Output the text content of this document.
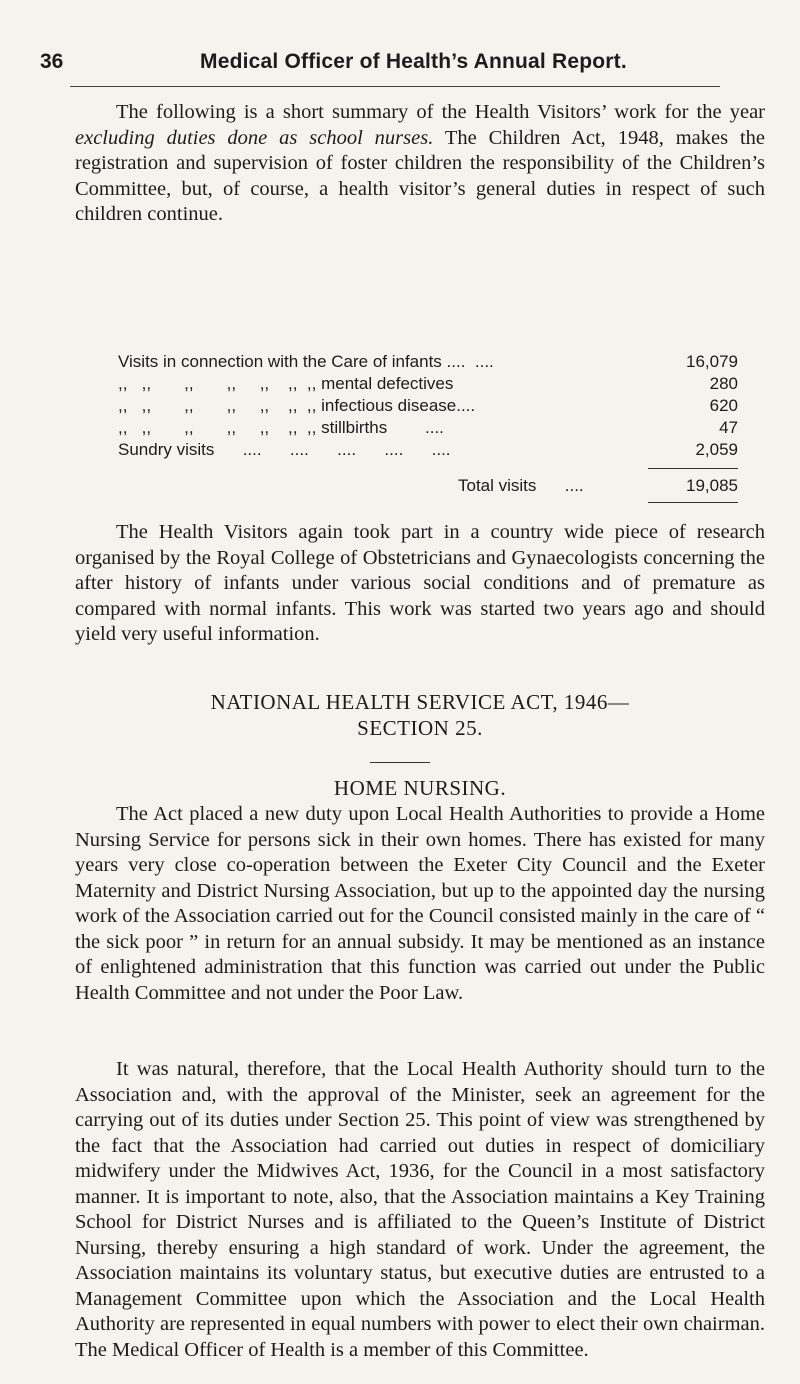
36	Medical Officer of Health’s Annual Report.

The following is a short summary of the Health Visitors’ work for the year excluding duties done as school nurses. The Children Act, 1948, makes the registration and supervision of foster children the responsibility of the Children’s Committee, but, of course, a health visitor’s general duties in respect of such children continue.

Visits in connection with the Care of infants ....  ....	16,079
,,   ,,       ,,       ,,     ,,    ,,  ,, mental defectives	280
,,   ,,       ,,       ,,     ,,    ,,  ,, infectious disease....	620
,,   ,,       ,,       ,,     ,,    ,,  ,, stillbirths        ....	47
Sundry visits      ....      ....      ....      ....      ....	2,059
Total visits      ....	19,085

The Health Visitors again took part in a country wide piece of research organised by the Royal College of Obstetricians and Gynaecologists concerning the after history of infants under various social conditions and of premature as compared with normal infants. This work was started two years ago and should yield very useful information.

NATIONAL HEALTH SERVICE ACT, 1946—
SECTION 25.
HOME NURSING.

The Act placed a new duty upon Local Health Authorities to provide a Home Nursing Service for persons sick in their own homes. There has existed for many years very close co-operation between the Exeter City Council and the Exeter Maternity and District Nursing Association, but up to the appointed day the nursing work of the Association carried out for the Council consisted mainly in the care of “ the sick poor ” in return for an annual subsidy. It may be mentioned as an instance of enlightened administration that this function was carried out under the Public Health Committee and not under the Poor Law.

It was natural, therefore, that the Local Health Authority should turn to the Association and, with the approval of the Minister, seek an agreement for the carrying out of its duties under Section 25. This point of view was strengthened by the fact that the Association had carried out duties in respect of domiciliary midwifery under the Midwives Act, 1936, for the Council in a most satisfactory manner. It is important to note, also, that the Association maintains a Key Training School for District Nurses and is affiliated to the Queen’s Institute of District Nursing, thereby ensuring a high standard of work. Under the agreement, the Association maintains its voluntary status, but executive duties are entrusted to a Management Committee upon which the Association and the Local Health Authority are represented in equal numbers with power to elect their own chairman. The Medical Officer of Health is a member of this Committee.
